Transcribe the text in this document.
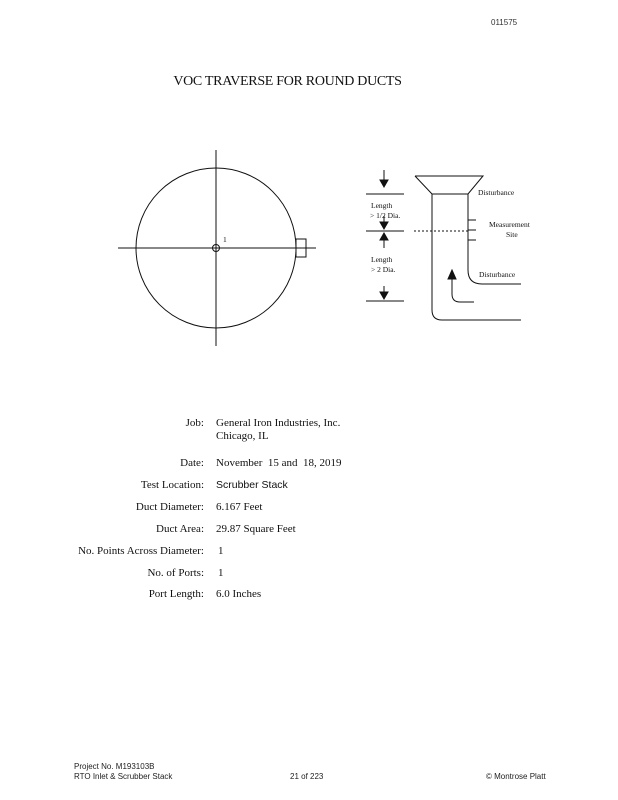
011575
VOC TRAVERSE FOR ROUND DUCTS
1
Disturbance
Length
> 1/2 Dia.
Measurement
Site
Length
> 2 Dia.
Disturbance
Job: General Iron Industries, Inc.
Chicago, IL
Date: November  15 and  18, 2019
Test Location: Scrubber Stack
Duct Diameter: 6.167 Feet
Duct Area: 29.87 Square Feet
No. Points Across Diameter: 1
No. of Ports: 1
Port Length: 6.0 Inches
Project No. M193103B
RTO Inlet & Scrubber Stack	21 of 223	© Montrose Platt
